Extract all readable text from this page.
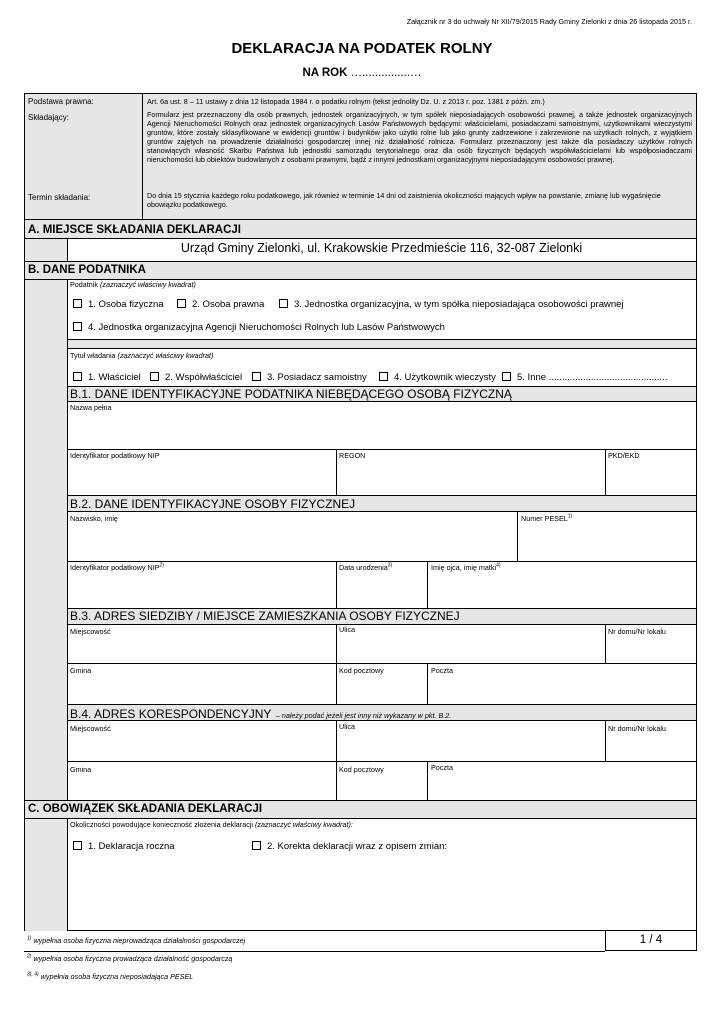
Załącznik nr 3 do uchwały Nr XII/79/2015 Rady Gminy Zielonki z dnia 26 listopada 2015 r.
DEKLARACJA NA PODATEK ROLNY
NA ROK …...............…
Podstawa prawna:	Art. 6a ust. 8 – 11 ustawy z dnia 12 listopada 1984 r. o podatku rolnym (tekst jednolity Dz. U. z 2013 r. poz. 1381 z późn. zm.)
Składający:	Formularz jest przeznaczony dla osób prawnych, jednostek organizacyjnych, w tym spółek nieposiadających osobowości prawnej, a także jednostek organizacyjnych Agencji Nieruchomości Rolnych oraz jednostek organizacyjnych Lasów Państwowych będącymi: właścicielami, posiadaczami samoistnymi, użytkownikami wieczystymi gruntów, które zostały sklasyfikowane w ewidencji gruntów i budynków jako użytki rolne lub jako grunty zadrzewione i zakrzewione na użytkach rolnych, z wyjątkiem gruntów zajętych na prowadzenie działalności gospodarczej innej niż działalność rolnicza. Formularz przeznaczony jest także dla posiadaczy użytków rolnych stanowiących własność Skarbu Państwa lub jednostki samorządu terytorialnego oraz dla osób fizycznych będących współwłaścicielami lub współposiadaczami nieruchomości lub obiektów budowlanych z osobami prawnymi, bądź z innymi jednostkami organizacyjnymi nieposiadającymi osobowości prawnej.
Termin składania:	Do dnia 15 stycznia każdego roku podatkowego, jak również w terminie 14 dni od zaistnienia okoliczności mających wpływ na powstanie, zmianę lub wygaśnięcie obowiązku podatkowego.
A. MIEJSCE SKŁADANIA DEKLARACJI
Urząd Gminy Zielonki, ul. Krakowskie Przedmieście 116, 32-087 Zielonki
B. DANE PODATNIKA
Podatnik (zaznaczyć właściwy kwadrat)
1. Osoba fizyczna	2. Osoba prawna	3. Jednostka organizacyjna, w tym spółka nieposiadająca osobowości prawnej
4. Jednostka organizacyjna Agencji Nieruchomości Rolnych lub Lasów Państwowych
Tytuł władania (zaznaczyć właściwy kwadrat)
1. Właściciel	2. Współwłaściciel	3. Posiadacz samoistny	4. Użytkownik wieczysty	5. Inne .............................................
B.1. DANE IDENTYFIKACYJNE PODATNIKA NIEBĘDĄCEGO OSOBĄ FIZYCZNĄ
Nazwa pełna
Identyfikator podatkowy NIP	REGON	PKD/EKD
B.2. DANE IDENTYFIKACYJNE OSOBY FIZYCZNEJ
Nazwisko, imię	Numer PESEL$^{1)}$
Identyfikator podatkowy NIP$^{2)}$	Data urodzenia$^{3)}$	Imię ojca, imię matki$^{4)}$
B.3. ADRES SIEDZIBY / MIEJSCE ZAMIESZKANIA OSOBY FIZYCZNEJ
Miejscowość	Ulica	Nr domu/Nr lokalu
Gmina	Kod pocztowy	Poczta
B.4. ADRES KORESPONDENCYJNY – należy podać jeżeli jest inny niż wykazany w pkt. B.2.
Miejscowość	Ulica	Nr domu/Nr lokalu
Gmina	Kod pocztowy	Poczta
C. OBOWIĄZEK SKŁADANIA DEKLARACJI
Okoliczności powodujące konieczność złożenia deklaracji (zaznaczyć właściwy kwadrat):
1. Deklaracja roczna	2. Korekta deklaracji wraz z opisem zmian:
1 / 4
$^{1)}$ wypełnia osoba fizyczna nieprowadząca działalności gospodarczej
$^{2)}$ wypełnia osoba fizyczna prowadząca działalność gospodarczą
$^{3), 4)}$ wypełnia osoba fizyczna nieposiadająca PESEL
